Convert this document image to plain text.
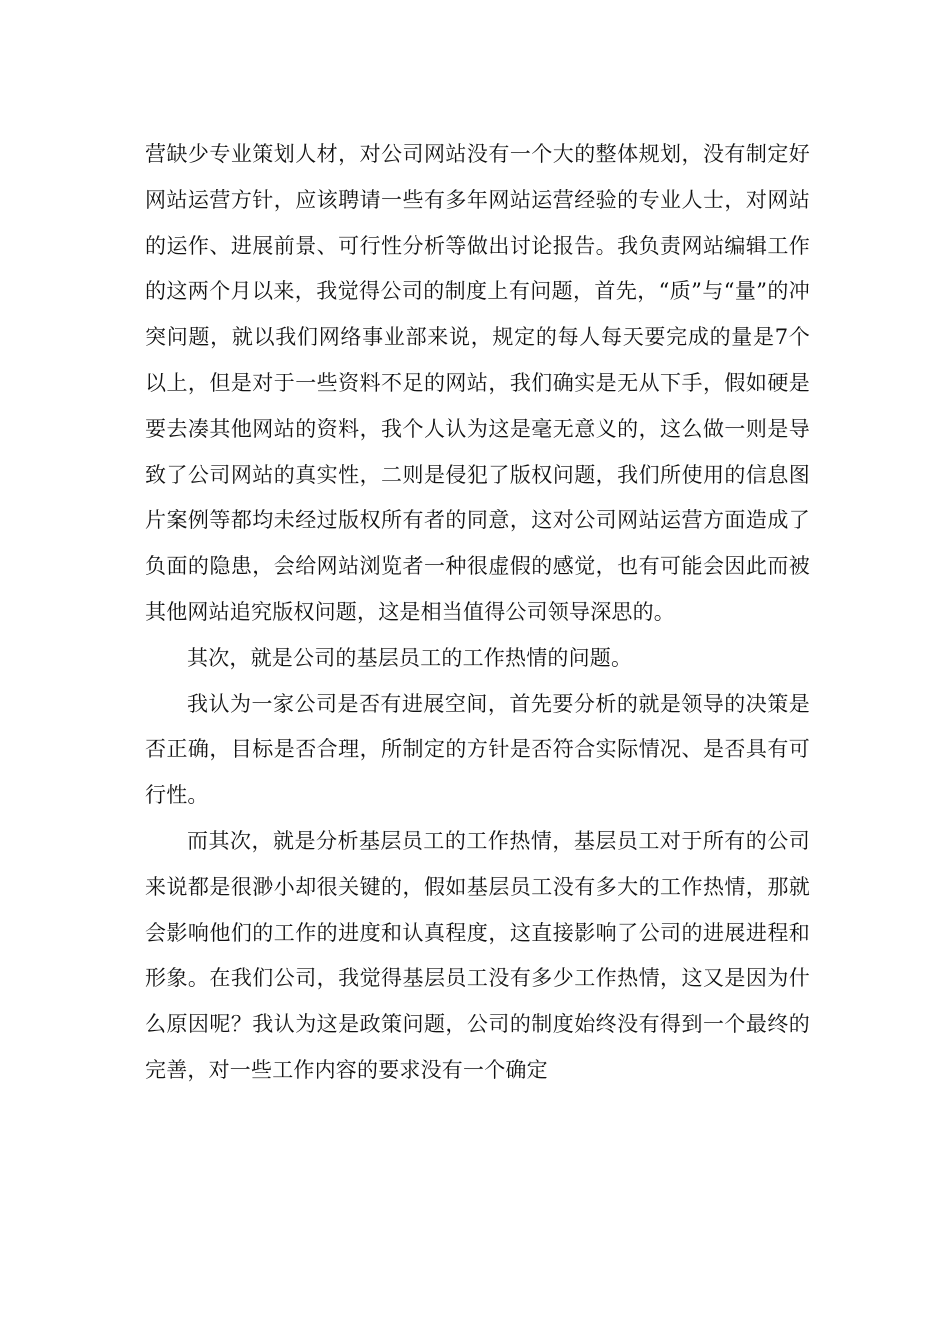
营缺少专业策划人材，对公司网站没有一个大的整体规划，没有制定好网站运营方针，应该聘请一些有多年网站运营经验的专业人士，对网站的运作、进展前景、可行性分析等做出讨论报告。我负责网站编辑工作的这两个月以来，我觉得公司的制度上有问题，首先，“质”与“量”的冲突问题，就以我们网络事业部来说，规定的每人每天要完成的量是7个以上，但是对于一些资料不足的网站，我们确实是无从下手，假如硬是要去凑其他网站的资料，我个人认为这是毫无意义的，这么做一则是导致了公司网站的真实性，二则是侵犯了版权问题，我们所使用的信息图片案例等都均未经过版权所有者的同意，这对公司网站运营方面造成了负面的隐患，会给网站浏览者一种很虚假的感觉，也有可能会因此而被其他网站追究版权问题，这是相当值得公司领导深思的。

其次，就是公司的基层员工的工作热情的问题。

我认为一家公司是否有进展空间，首先要分析的就是领导的决策是否正确，目标是否合理，所制定的方针是否符合实际情况、是否具有可行性。

而其次，就是分析基层员工的工作热情，基层员工对于所有的公司来说都是很渺小却很关键的，假如基层员工没有多大的工作热情，那就会影响他们的工作的进度和认真程度，这直接影响了公司的进展进程和形象。在我们公司，我觉得基层员工没有多少工作热情，这又是因为什么原因呢？我认为这是政策问题，公司的制度始终没有得到一个最终的完善，对一些工作内容的要求没有一个确定
